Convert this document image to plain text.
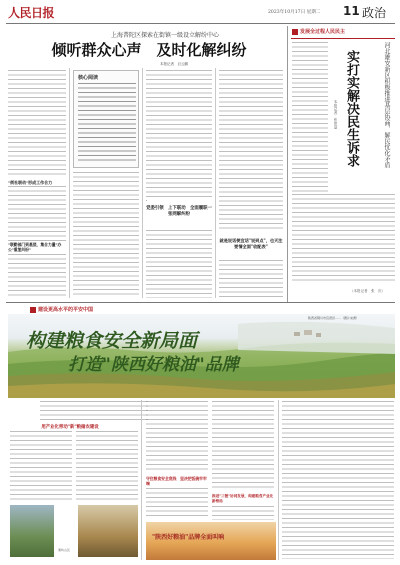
人民日报	2023年10月17日 星期二 11 政治
上海普陀区探索在街镇一级设立解纷中心
倾听群众心声　及时化解纠纷
本报记者　巨云鹏
"街社联动"形成工作合力
"联勤部门到基层，集合力量"办公"重复纠纷"
核心阅读
党委引领　上下联动　全面履职一张网解纠纷
就是说话便宜话"说到点"，也天注要情全面"收配表"
"我
发展全过程人民民主
河北雄安新区积极推进基层协商、解民忧化矛盾
实打实解决民生诉求
本报记者　张思益
（本报记者　张　庆）
建设更高水平的平安中国
构建粮食安全新局面
打造"陕西好粮油"品牌
陕西省铜川市宜君县……（图片来源）
用产业化带动"新"粮储农建设
秦岭山区
守住粮食安全底线　坚决把饭碗牢牢端
推进"三链"协同发展，构建粮食产业化新格局
"陕西好粮油"品牌全面叫响
